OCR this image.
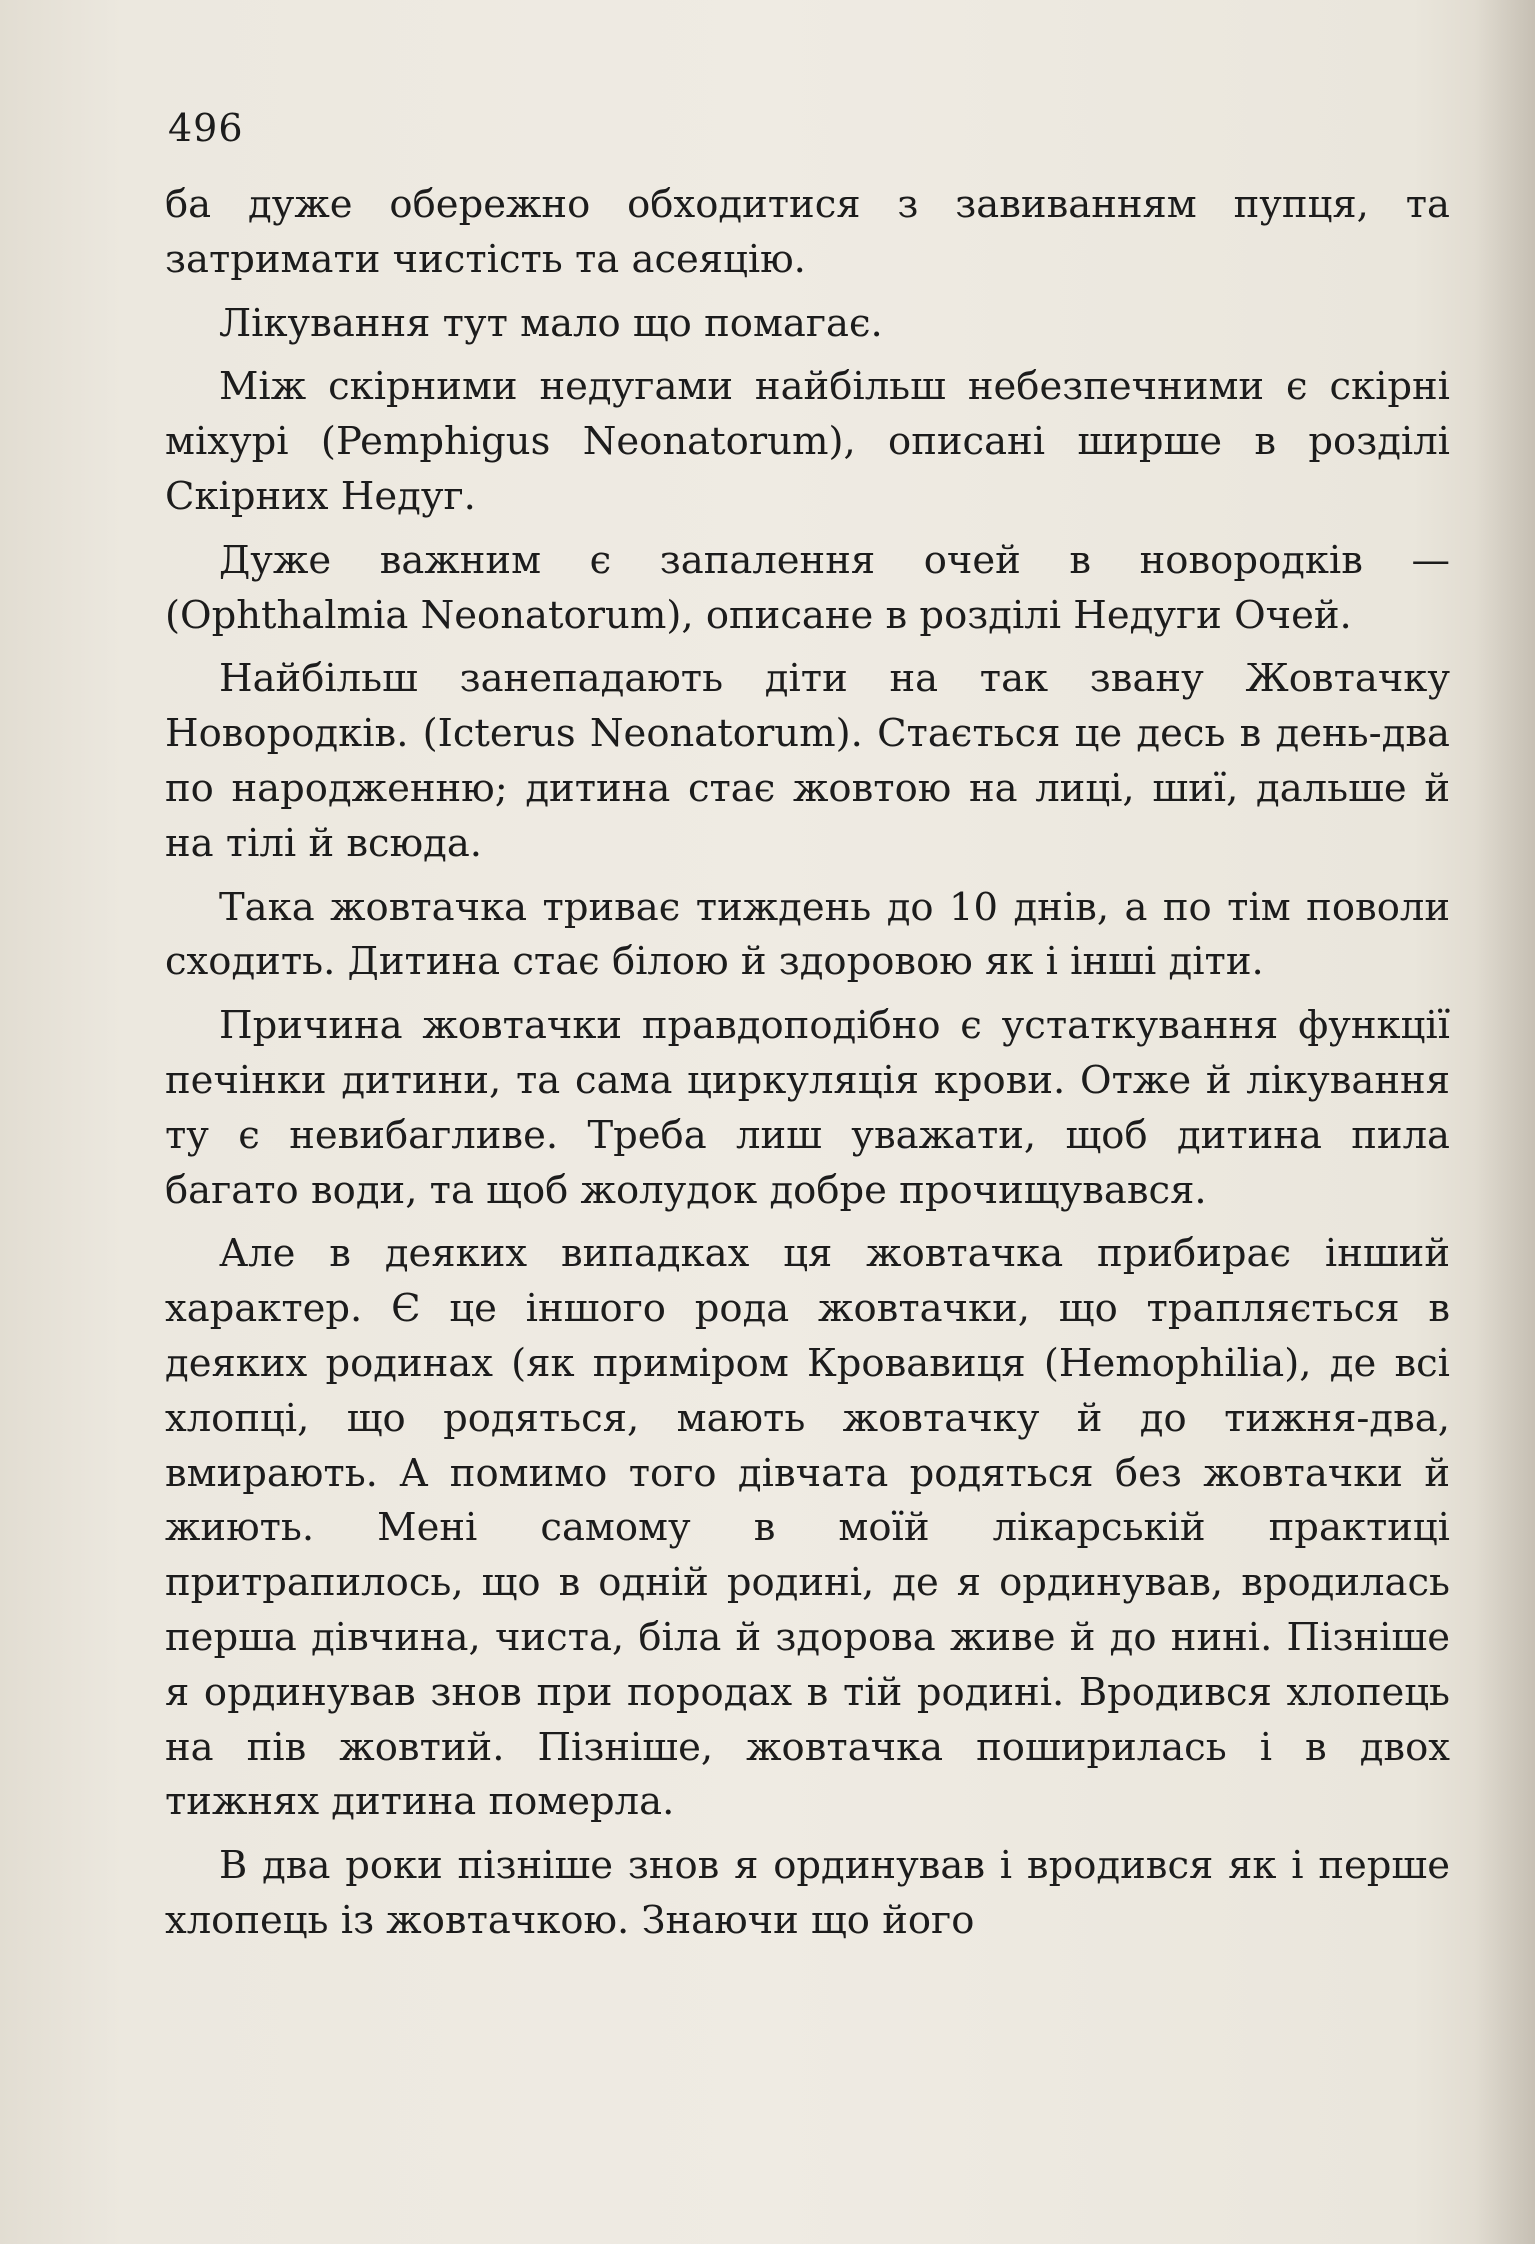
496

ба дуже обережно обходитися з завиванням пупця, та затримати чистість та асеяцію.

Лікування тут мало що помагає.

Між скірними недугами найбільш небезпечними є скірні міхурі (Pemphigus Neonatorum), описані ширше в розділі Скірних Недуг.

Дуже важним є запалення очей в новородків — (Ophthalmia Neonatorum), описане в розділі Недуги Очей.

Найбільш занепадають діти на так звану Жовтачку Новородків. (Icterus Neonatorum). Стається це десь в день-два по народженню; дитина стає жовтою на лиці, шиї, дальше й на тілі й всюда.

Така жовтачка триває тиждень до 10 днів, а по тім поволи сходить. Дитина стає білою й здоровою як і інші діти.

Причина жовтачки правдоподібно є устаткування функції печінки дитини, та сама циркуляція крови. Отже й лікування ту є невибагливе. Треба лиш уважати, щоб дитина пила багато води, та щоб жолудок добре прочищувався.

Але в деяких випадках ця жовтачка прибирає інший характер. Є це іншого рода жовтачки, що трапляється в деяких родинах (як приміром Кровавиця (Hemophilia), де всі хлопці, що родяться, мають жовтачку й до тижня-два, вмирають. А помимо того дівчата родяться без жовтачки й жиють. Мені самому в моїй лікарській практиці притрапилось, що в одній родині, де я ординував, вродилась перша дівчина, чиста, біла й здорова живе й до нині. Пізніше я ординував знов при породах в тій родині. Вродився хлопець на пів жовтий. Пізніше, жовтачка поширилась і в двох тижнях дитина померла.

В два роки пізніше знов я ординував і вродився як і перше хлопець із жовтачкою. Знаючи що його
